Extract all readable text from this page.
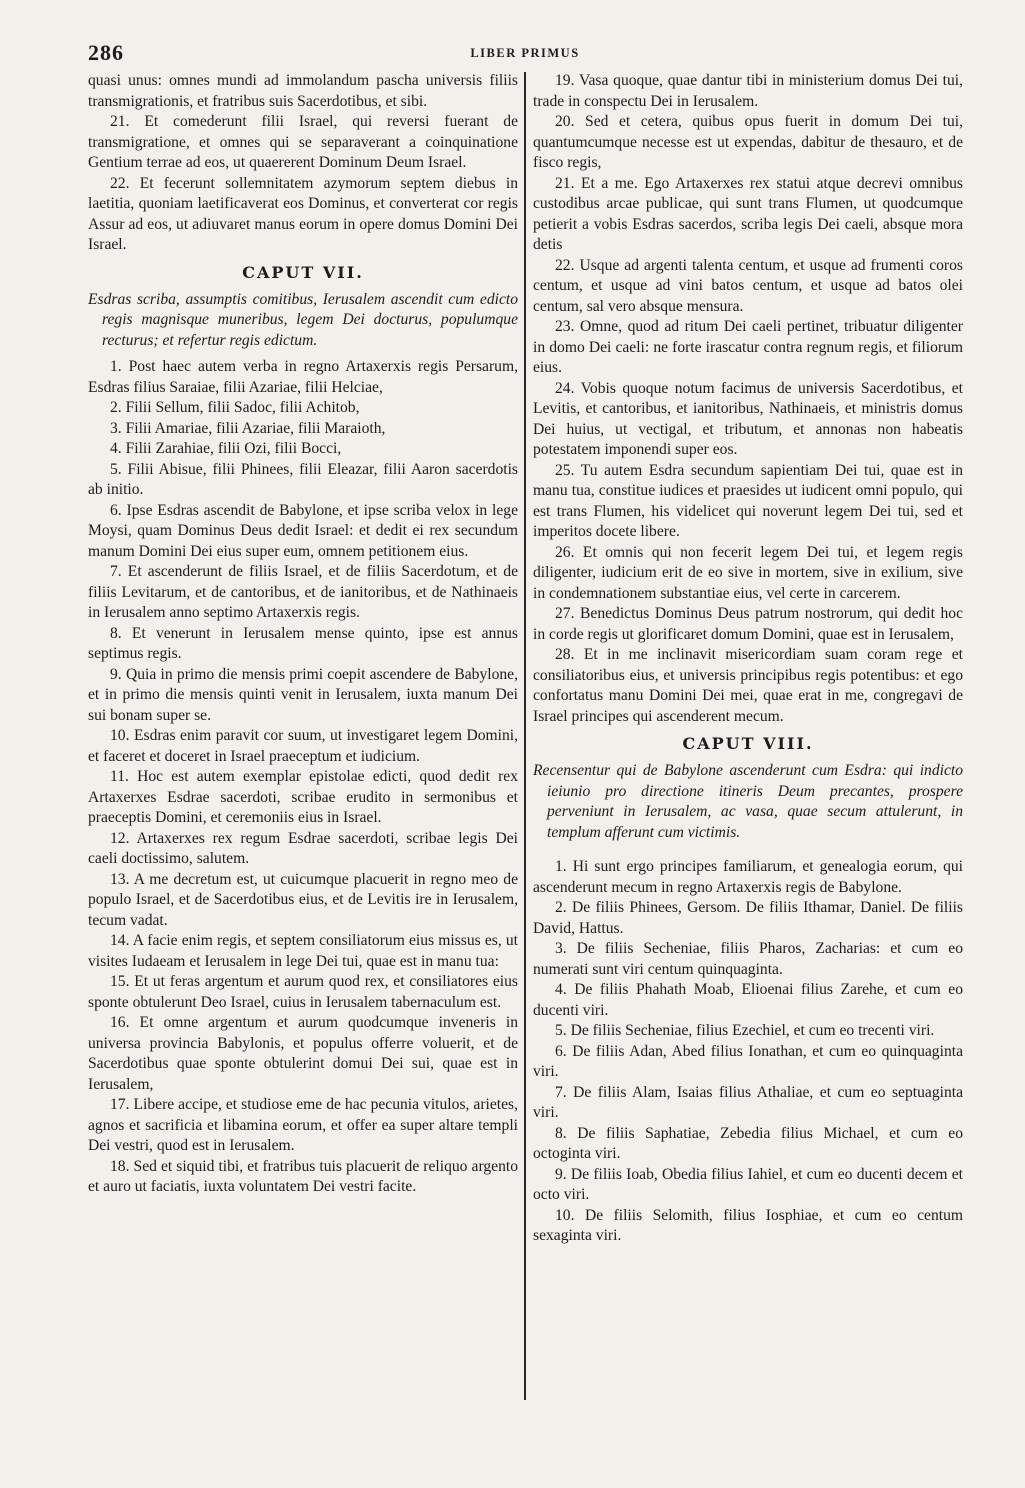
286	LIBER PRIMUS

quasi unus: omnes mundi ad immolandum pascha universis filiis transmigrationis, et fratribus suis Sacerdotibus, et sibi.

21. Et comederunt filii Israel, qui reversi fuerant de transmigratione, et omnes qui se separaverant a coinquinatione Gentium terrae ad eos, ut quaererent Dominum Deum Israel.

22. Et fecerunt sollemnitatem azymorum septem diebus in laetitia, quoniam laetificaverat eos Dominus, et converterat cor regis Assur ad eos, ut adiuvaret manus eorum in opere domus Domini Dei Israel.

CAPUT VII.

Esdras scriba, assumptis comitibus, Ierusalem ascendit cum edicto regis magnisque muneribus, legem Dei docturus, populumque recturus; et refertur regis edictum.

1. Post haec autem verba in regno Artaxerxis regis Persarum, Esdras filius Saraiae, filii Azariae, filii Helciae,

2. Filii Sellum, filii Sadoc, filii Achitob,

3. Filii Amariae, filii Azariae, filii Maraioth,

4. Filii Zarahiae, filii Ozi, filii Bocci,

5. Filii Abisue, filii Phinees, filii Eleazar, filii Aaron sacerdotis ab initio.

6. Ipse Esdras ascendit de Babylone, et ipse scriba velox in lege Moysi, quam Dominus Deus dedit Israel: et dedit ei rex secundum manum Domini Dei eius super eum, omnem petitionem eius.

7. Et ascenderunt de filiis Israel, et de filiis Sacerdotum, et de filiis Levitarum, et de cantoribus, et de ianitoribus, et de Nathinaeis in Ierusalem anno septimo Artaxerxis regis.

8. Et venerunt in Ierusalem mense quinto, ipse est annus septimus regis.

9. Quia in primo die mensis primi coepit ascendere de Babylone, et in primo die mensis quinti venit in Ierusalem, iuxta manum Dei sui bonam super se.

10. Esdras enim paravit cor suum, ut investigaret legem Domini, et faceret et doceret in Israel praeceptum et iudicium.

11. Hoc est autem exemplar epistolae edicti, quod dedit rex Artaxerxes Esdrae sacerdoti, scribae erudito in sermonibus et praeceptis Domini, et ceremoniis eius in Israel.

12. Artaxerxes rex regum Esdrae sacerdoti, scribae legis Dei caeli doctissimo, salutem.

13. A me decretum est, ut cuicumque placuerit in regno meo de populo Israel, et de Sacerdotibus eius, et de Levitis ire in Ierusalem, tecum vadat.

14. A facie enim regis, et septem consiliatorum eius missus es, ut visites Iudaeam et Ierusalem in lege Dei tui, quae est in manu tua:

15. Et ut feras argentum et aurum quod rex, et consiliatores eius sponte obtulerunt Deo Israel, cuius in Ierusalem tabernaculum est.

16. Et omne argentum et aurum quodcumque inveneris in universa provincia Babylonis, et populus offerre voluerit, et de Sacerdotibus quae sponte obtulerint domui Dei sui, quae est in Ierusalem,

17. Libere accipe, et studiose eme de hac pecunia vitulos, arietes, agnos et sacrificia et libamina eorum, et offer ea super altare templi Dei vestri, quod est in Ierusalem.

18. Sed et siquid tibi, et fratribus tuis placuerit de reliquo argento et auro ut faciatis, iuxta voluntatem Dei vestri facite.

19. Vasa quoque, quae dantur tibi in ministerium domus Dei tui, trade in conspectu Dei in Ierusalem.

20. Sed et cetera, quibus opus fuerit in domum Dei tui, quantumcumque necesse est ut expendas, dabitur de thesauro, et de fisco regis,

21. Et a me. Ego Artaxerxes rex statui atque decrevi omnibus custodibus arcae publicae, qui sunt trans Flumen, ut quodcumque petierit a vobis Esdras sacerdos, scriba legis Dei caeli, absque mora detis

22. Usque ad argenti talenta centum, et usque ad frumenti coros centum, et usque ad vini batos centum, et usque ad batos olei centum, sal vero absque mensura.

23. Omne, quod ad ritum Dei caeli pertinet, tribuatur diligenter in domo Dei caeli: ne forte irascatur contra regnum regis, et filiorum eius.

24. Vobis quoque notum facimus de universis Sacerdotibus, et Levitis, et cantoribus, et ianitoribus, Nathinaeis, et ministris domus Dei huius, ut vectigal, et tributum, et annonas non habeatis potestatem imponendi super eos.

25. Tu autem Esdra secundum sapientiam Dei tui, quae est in manu tua, constitue iudices et praesides ut iudicent omni populo, qui est trans Flumen, his videlicet qui noverunt legem Dei tui, sed et imperitos docete libere.

26. Et omnis qui non fecerit legem Dei tui, et legem regis diligenter, iudicium erit de eo sive in mortem, sive in exilium, sive in condemnationem substantiae eius, vel certe in carcerem.

27. Benedictus Dominus Deus patrum nostrorum, qui dedit hoc in corde regis ut glorificaret domum Domini, quae est in Ierusalem,

28. Et in me inclinavit misericordiam suam coram rege et consiliatoribus eius, et universis principibus regis potentibus: et ego confortatus manu Domini Dei mei, quae erat in me, congregavi de Israel principes qui ascenderent mecum.

CAPUT VIII.

Recensentur qui de Babylone ascenderunt cum Esdra: qui indicto ieiunio pro directione itineris Deum precantes, prospere perveniunt in Ierusalem, ac vasa, quae secum attulerunt, in templum afferunt cum victimis.

1. Hi sunt ergo principes familiarum, et genealogia eorum, qui ascenderunt mecum in regno Artaxerxis regis de Babylone.

2. De filiis Phinees, Gersom. De filiis Ithamar, Daniel. De filiis David, Hattus.

3. De filiis Secheniae, filiis Pharos, Zacharias: et cum eo numerati sunt viri centum quinquaginta.

4. De filiis Phahath Moab, Elioenai filius Zarehe, et cum eo ducenti viri.

5. De filiis Secheniae, filius Ezechiel, et cum eo trecenti viri.

6. De filiis Adan, Abed filius Ionathan, et cum eo quinquaginta viri.

7. De filiis Alam, Isaias filius Athaliae, et cum eo septuaginta viri.

8. De filiis Saphatiae, Zebedia filius Michael, et cum eo octoginta viri.

9. De filiis Ioab, Obedia filius Iahiel, et cum eo ducenti decem et octo viri.

10. De filiis Selomith, filius Iosphiae, et cum eo centum sexaginta viri.
